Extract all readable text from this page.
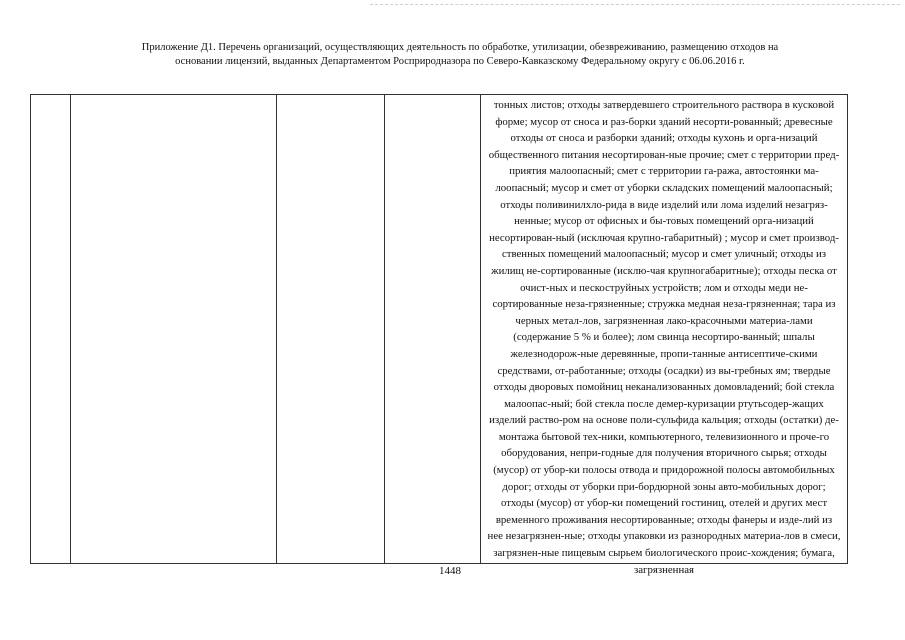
Приложение Д1. Перечень организаций, осуществляющих деятельность по обработке, утилизации, обезвреживанию, размещению отходов на
основании лицензий, выданных Департаментом Росприродназора по Северо-Кавказскому Федеральному округу с 06.06.2016 г.

тонных листов; отходы затвердевшего строительного раствора в кусковой форме; мусор от сноса и раз-борки зданий несорти-рованный; древесные отходы от сноса и разборки зданий; отходы кухонь и орга-низаций общественного питания несортирован-ные прочие; смет с территории пред-приятия малоопасный; смет с территории га-ража, автостоянки ма-лоопасный; мусор и смет от уборки складских помещений малоопасный; отходы поливинилхло-рида в виде изделий или лома изделий незагряз-ненные; мусор от офисных и бы-товых помещений орга-низаций несортирован-ный (исключая крупно-габаритный) ; мусор и смет производ-ственных помещений малоопасный; мусор и смет уличный; отходы из жилищ не-сортированные (исклю-чая крупногабаритные); отходы песка от очист-ных и пескоструйных устройств; лом и отходы меди не-сортированные неза-грязненные; стружка медная неза-грязненная; тара из черных метал-лов, загрязненная лако-красочными материа-лами (содержание 5 % и более); лом свинца несортиро-ванный; шпалы железнодорож-ные деревянные, пропи-танные антисептиче-скими средствами, от-работанные; отходы (осадки) из вы-гребных ям; твердые отходы дворовых помойниц неканализованных домовладений; бой стекла малоопас-ный; бой стекла после демер-куризации ртутьсодер-жащих изделий раство-ром на основе поли-сульфида кальция; отходы (остатки) де-монтажа бытовой тех-ники, компьютерного, телевизионного и проче-го оборудования, непри-годные для получения вторичного сырья; отходы (мусор) от убор-ки полосы отвода и придорожной полосы автомобильных дорог; отходы от уборки при-бордюрной зоны авто-мобильных дорог; отходы (мусор) от убор-ки помещений гостиниц, отелей и других мест временного проживания несортированные; отходы фанеры и изде-лий из нее незагрязнен-ные; отходы упаковки из разнородных материа-лов в смеси, загрязнен-ные пищевым сырьем биологического проис-хождения; бумага, загрязненная

1448
